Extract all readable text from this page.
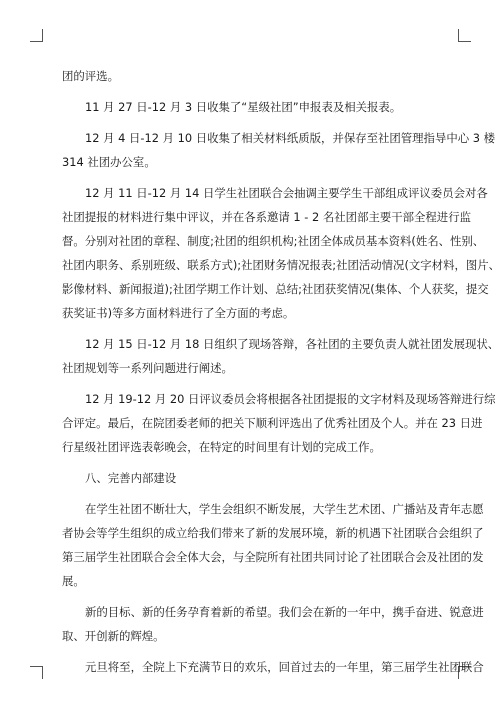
团的评选。
11 月 27 日-12 月 3 日收集了“星级社团”申报表及相关报表。
12 月 4 日-12 月 10 日收集了相关材料纸质版，并保存至社团管理指导中心 3 楼
314 社团办公室。
12 月 11 日-12 月 14 日学生社团联合会抽调主要学生干部组成评议委员会对各
社团提报的材料进行集中评议，并在各系邀请 1 - 2 名社团部主要干部全程进行监
督。分别对社团的章程、制度;社团的组织机构;社团全体成员基本资料(姓名、性别、
社团内职务、系别班级、联系方式);社团财务情况报表;社团活动情况(文字材料，图片、
影像材料、新闻报道);社团学期工作计划、总结;社团获奖情况(集体、个人获奖，提交
获奖证书)等多方面材料进行了全方面的考虑。
12 月 15 日-12 月 18 日组织了现场答辩，各社团的主要负责人就社团发展现状、
社团规划等一系列问题进行阐述。
12 月 19-12 月 20 日评议委员会将根据各社团提报的文字材料及现场答辩进行综
合评定。最后，在院团委老师的把关下顺利评选出了优秀社团及个人。并在 23 日进
行星级社团评选表彰晚会，在特定的时间里有计划的完成工作。
八、完善内部建设
在学生社团不断壮大，学生会组织不断发展，大学生艺术团、广播站及青年志愿
者协会等学生组织的成立给我们带来了新的发展环境，新的机遇下社团联合会组织了
第三届学生社团联合会全体大会，与全院所有社团共同讨论了社团联合会及社团的发
展。
新的目标、新的任务孕育着新的希望。我们会在新的一年中，携手奋进、锐意进
取、开创新的辉煌。
元旦将至，全院上下充满节日的欢乐，回首过去的一年里，第三届学生社团联合
